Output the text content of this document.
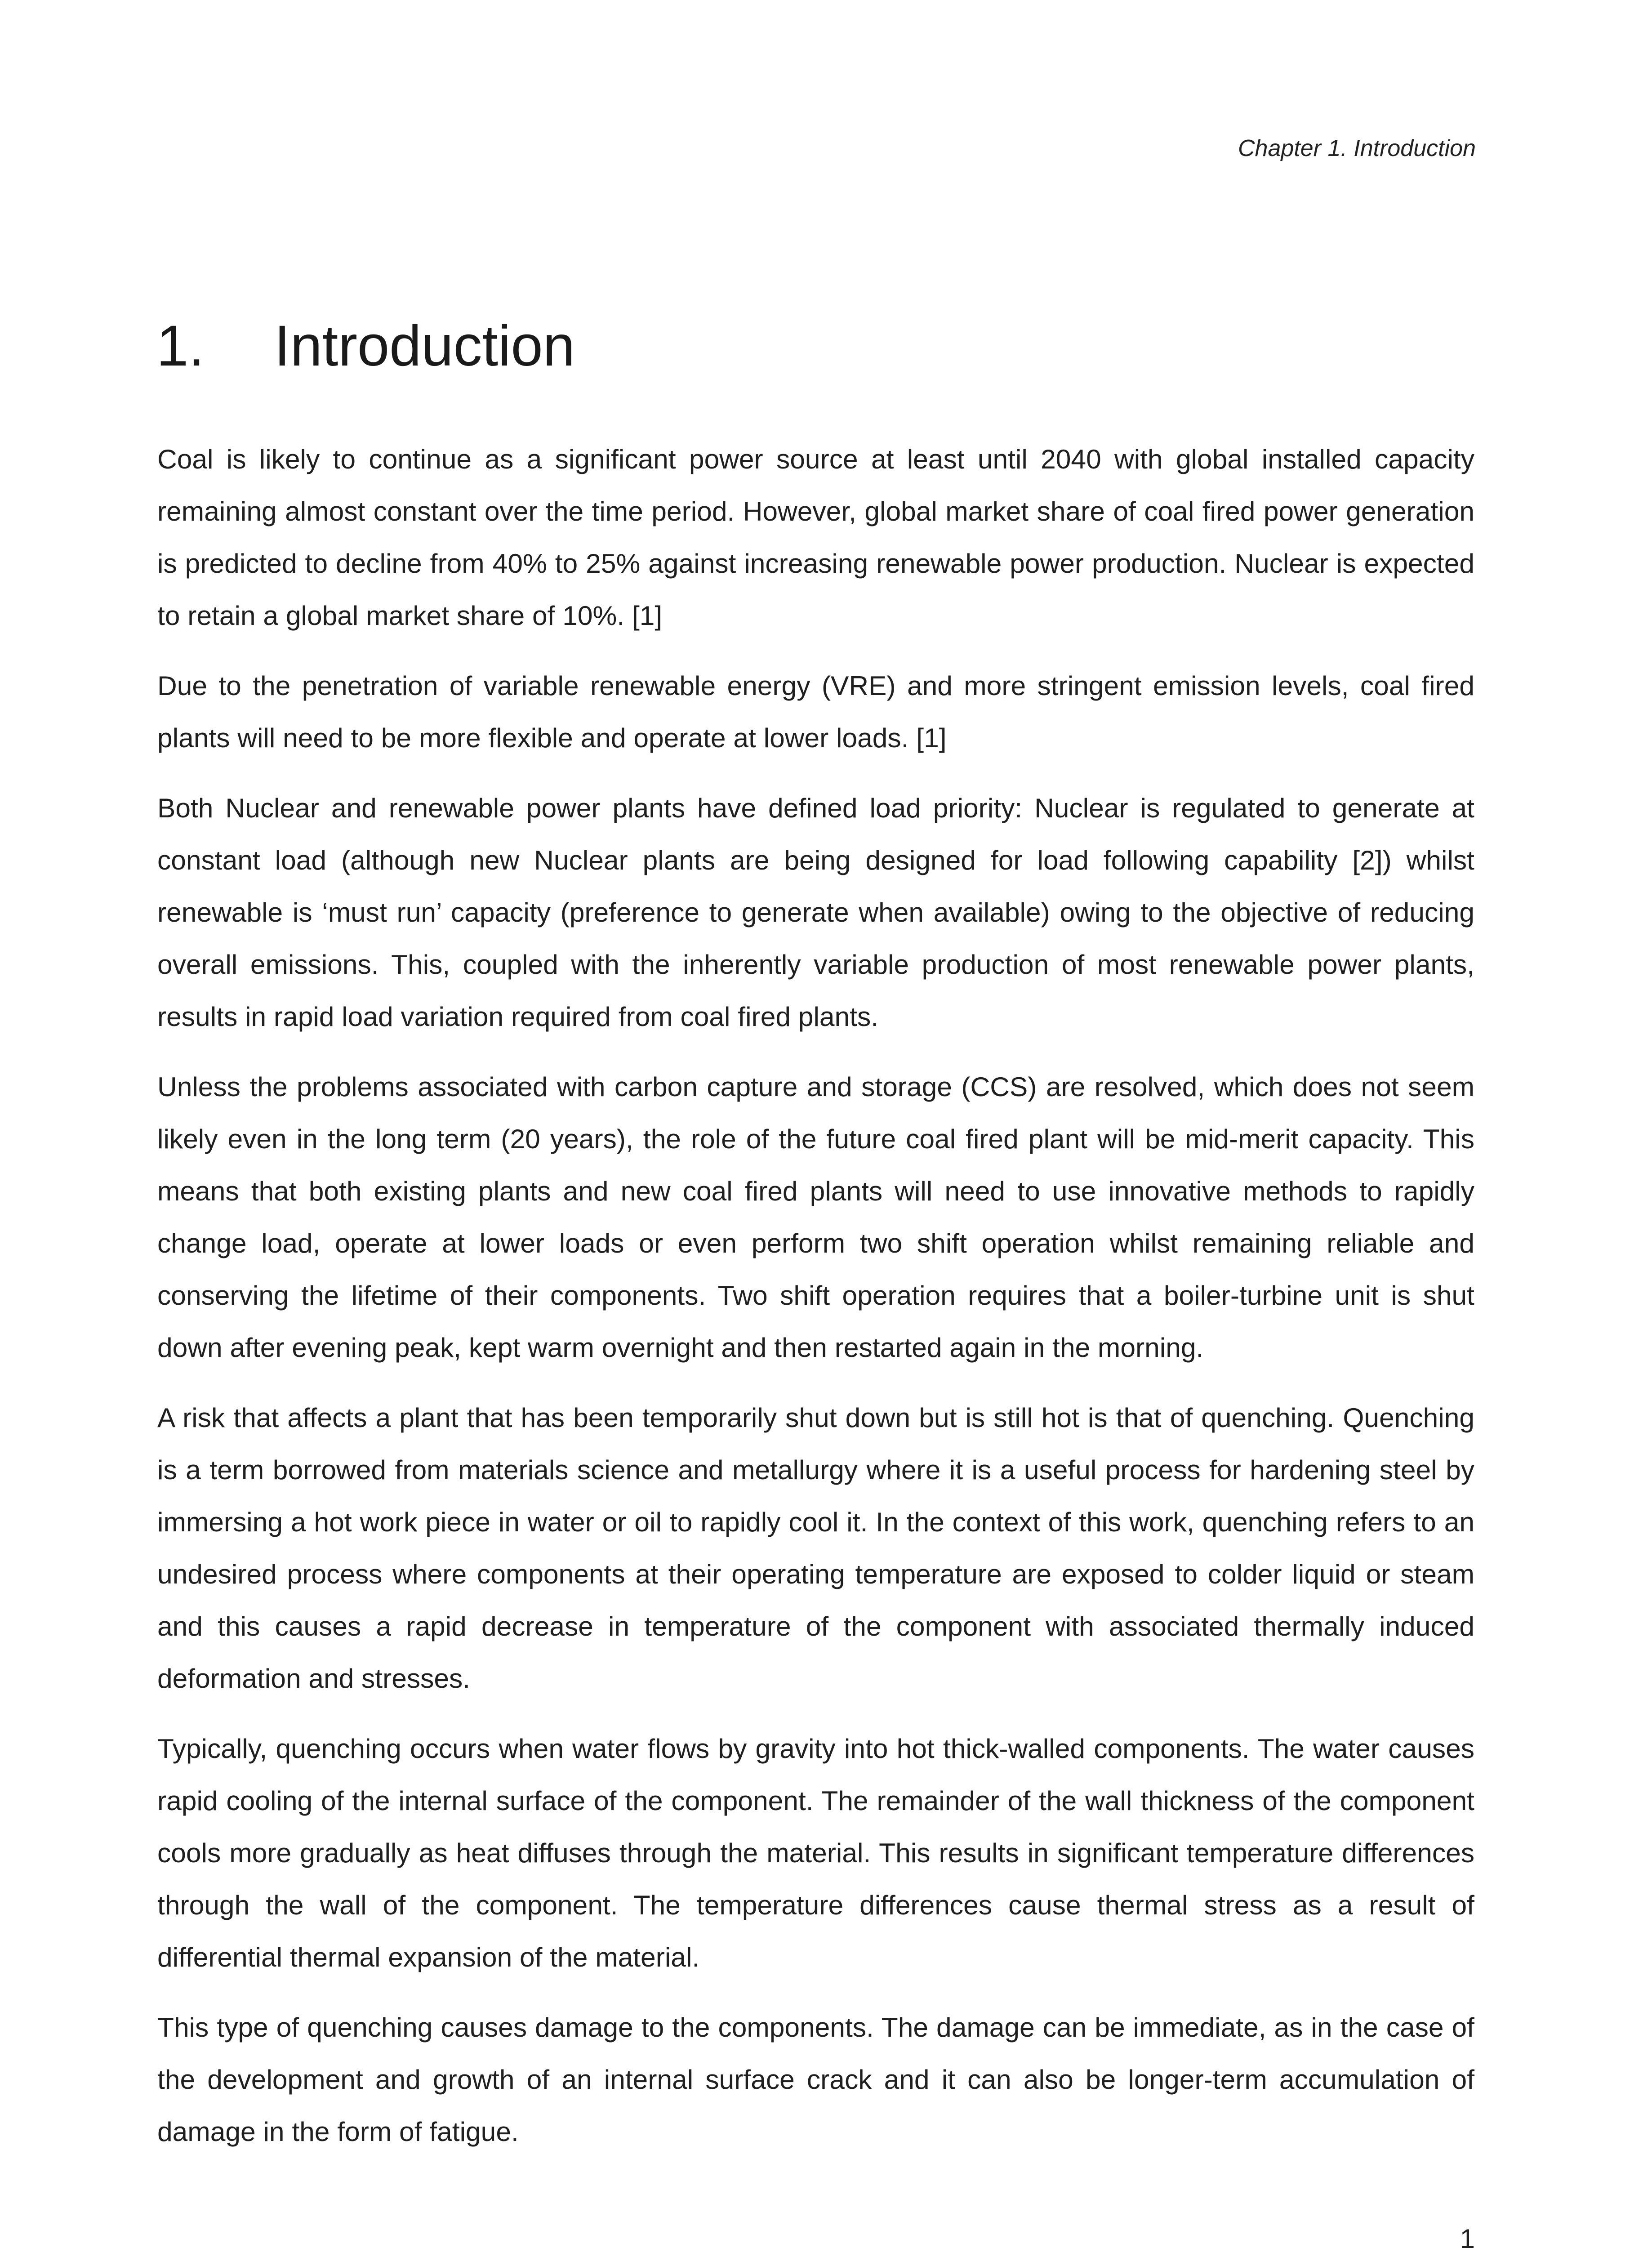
Chapter 1. Introduction
1.	Introduction

Coal is likely to continue as a significant power source at least until 2040 with global installed capacity remaining almost constant over the time period. However, global market share of coal fired power generation is predicted to decline from 40% to 25% against increasing renewable power production. Nuclear is expected to retain a global market share of 10%. [1]

Due to the penetration of variable renewable energy (VRE) and more stringent emission levels, coal fired plants will need to be more flexible and operate at lower loads. [1]

Both Nuclear and renewable power plants have defined load priority: Nuclear is regulated to generate at constant load (although new Nuclear plants are being designed for load following capability [2]) whilst renewable is ‘must run’ capacity (preference to generate when available) owing to the objective of reducing overall emissions. This, coupled with the inherently variable production of most renewable power plants, results in rapid load variation required from coal fired plants.

Unless the problems associated with carbon capture and storage (CCS) are resolved, which does not seem likely even in the long term (20 years), the role of the future coal fired plant will be mid-merit capacity. This means that both existing plants and new coal fired plants will need to use innovative methods to rapidly change load, operate at lower loads or even perform two shift operation whilst remaining reliable and conserving the lifetime of their components. Two shift operation requires that a boiler-turbine unit is shut down after evening peak, kept warm overnight and then restarted again in the morning.

A risk that affects a plant that has been temporarily shut down but is still hot is that of quenching. Quenching is a term borrowed from materials science and metallurgy where it is a useful process for hardening steel by immersing a hot work piece in water or oil to rapidly cool it. In the context of this work, quenching refers to an undesired process where components at their operating temperature are exposed to colder liquid or steam and this causes a rapid decrease in temperature of the component with associated thermally induced deformation and stresses.

Typically, quenching occurs when water flows by gravity into hot thick-walled components. The water causes rapid cooling of the internal surface of the component. The remainder of the wall thickness of the component cools more gradually as heat diffuses through the material. This results in significant temperature differences through the wall of the component. The temperature differences cause thermal stress as a result of differential thermal expansion of the material.

This type of quenching causes damage to the components. The damage can be immediate, as in the case of the development and growth of an internal surface crack and it can also be longer-term accumulation of damage in the form of fatigue.

1
